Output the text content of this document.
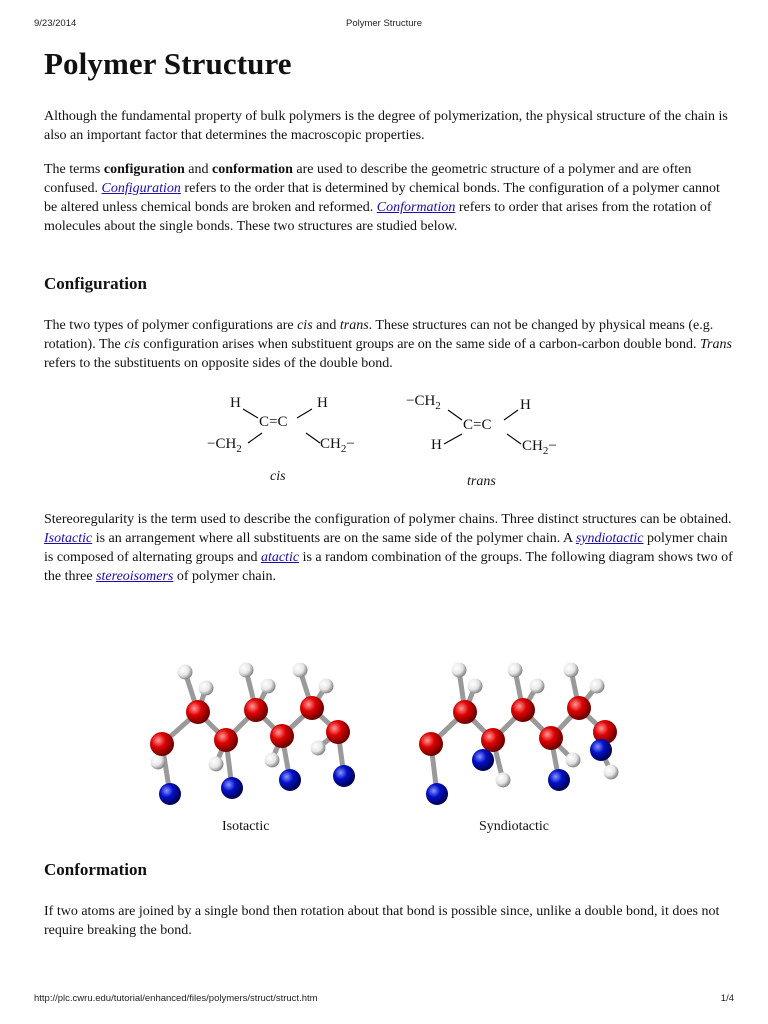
9/23/2014	Polymer Structure
Polymer Structure

Although the fundamental property of bulk polymers is the degree of polymerization, the physical structure of the chain is also an important factor that determines the macroscopic properties.

The terms configuration and conformation are used to describe the geometric structure of a polymer and are often confused. Configuration refers to the order that is determined by chemical bonds. The configuration of a polymer cannot be altered unless chemical bonds are broken and reformed. Conformation refers to order that arises from the rotation of molecules about the single bonds. These two structures are studied below.

Configuration

The two types of polymer configurations are cis and trans. These structures can not be changed by physical means (e.g. rotation). The cis configuration arises when substituent groups are on the same side of a carbon-carbon double bond. Trans refers to the substituents on opposite sides of the double bond.

H	H
C=C
$-CH_2$	$CH_2-$
cis
$-CH_2$	H
C=C
H	$CH_2-$
trans

Stereoregularity is the term used to describe the configuration of polymer chains. Three distinct structures can be obtained. Isotactic is an arrangement where all substituents are on the same side of the polymer chain. A syndiotactic polymer chain is composed of alternating groups and atactic is a random combination of the groups. The following diagram shows two of the three stereoisomers of polymer chain.

Isotactic	Syndiotactic
Conformation

If two atoms are joined by a single bond then rotation about that bond is possible since, unlike a double bond, it does not require breaking the bond.

http://plc.cwru.edu/tutorial/enhanced/files/polymers/struct/struct.htm	1/4
